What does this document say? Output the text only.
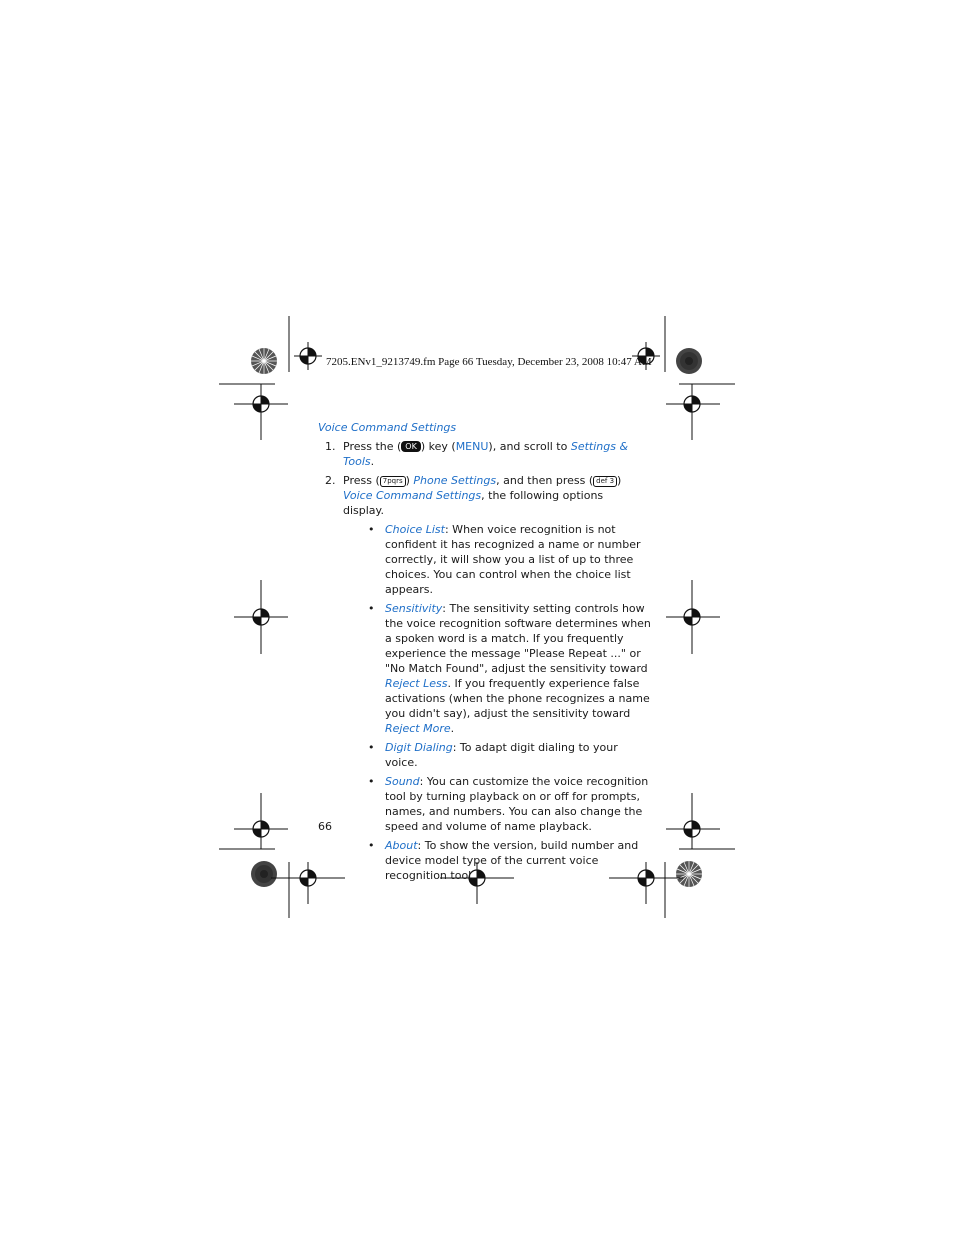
7205.ENv1_9213749.fm Page 66 Tuesday, December 23, 2008 10:47 AM
Voice Command Settings
1. Press the ( OK ) key (MENU), and scroll to Settings & Tools.
2. Press ( 7pqrs ) Phone Settings, and then press ( def 3 ) Voice Command Settings, the following options display.
• Choice List: When voice recognition is not confident it has recognized a name or number correctly, it will show you a list of up to three choices. You can control when the choice list appears.
• Sensitivity: The sensitivity setting controls how the voice recognition software determines when a spoken word is a match. If you frequently experience the message "Please Repeat ..." or "No Match Found", adjust the sensitivity toward Reject Less. If you frequently experience false activations (when the phone recognizes a name you didn't say), adjust the sensitivity toward Reject More.
• Digit Dialing: To adapt digit dialing to your voice.
• Sound: You can customize the voice recognition tool by turning playback on or off for prompts, names, and numbers. You can also change the speed and volume of name playback.
• About: To show the version, build number and device model type of the current voice recognition tool.
66
